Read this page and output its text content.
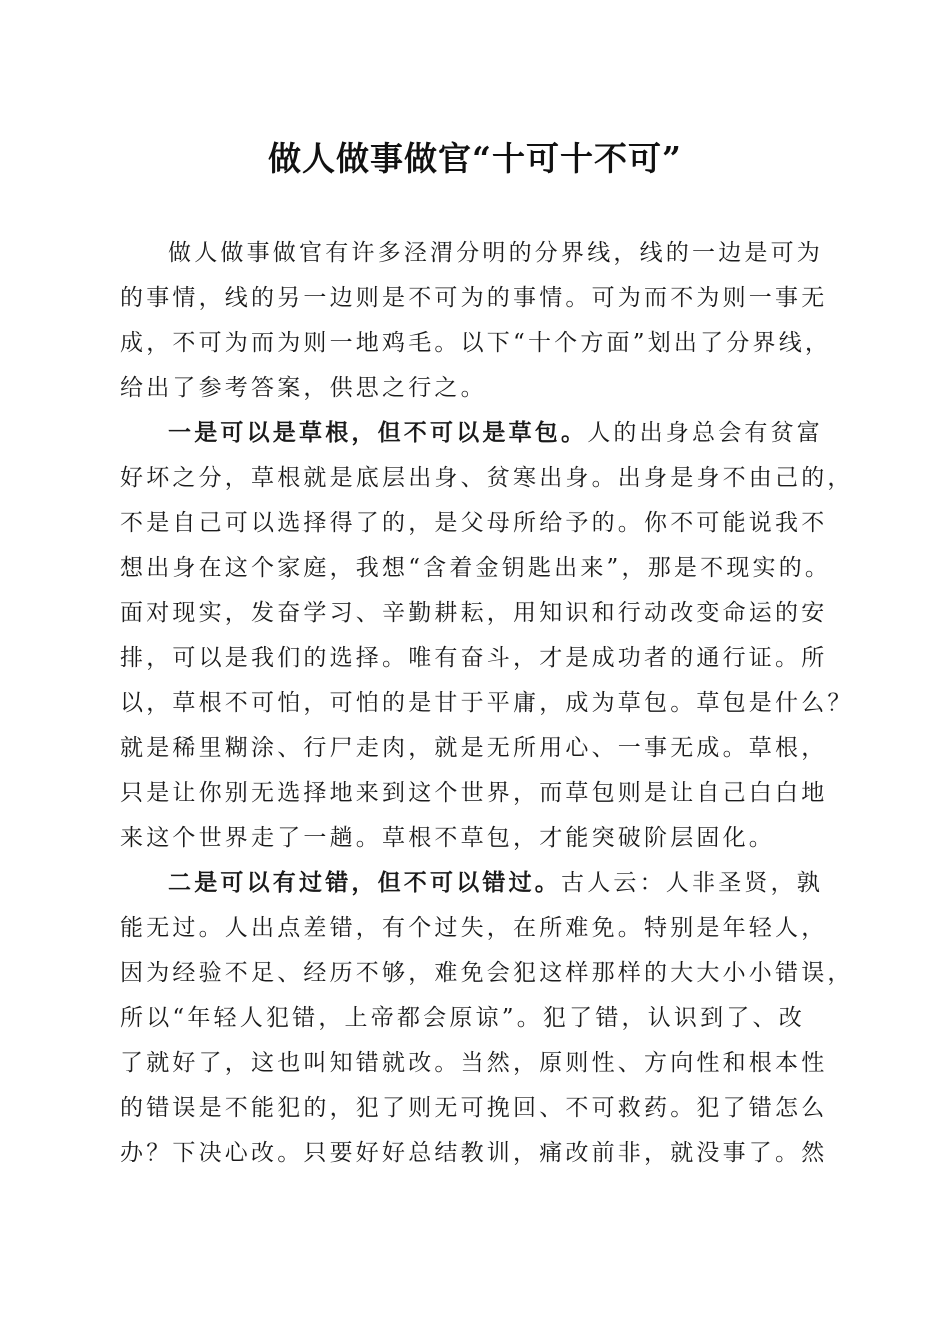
做人做事做官“十可十不可”
做人做事做官有许多泾渭分明的分界线，线的一边是可为
的事情，线的另一边则是不可为的事情。可为而不为则一事无
成，不可为而为则一地鸡毛。以下“十个方面”划出了分界线，
给出了参考答案，供思之行之。
一是可以是草根，但不可以是草包。人的出身总会有贫富
好坏之分，草根就是底层出身、贫寒出身。出身是身不由己的，
不是自己可以选择得了的，是父母所给予的。你不可能说我不
想出身在这个家庭，我想“含着金钥匙出来”，那是不现实的。
面对现实，发奋学习、辛勤耕耘，用知识和行动改变命运的安
排，可以是我们的选择。唯有奋斗，才是成功者的通行证。所
以，草根不可怕，可怕的是甘于平庸，成为草包。草包是什么？
就是稀里糊涂、行尸走肉，就是无所用心、一事无成。草根，
只是让你别无选择地来到这个世界，而草包则是让自己白白地
来这个世界走了一趟。草根不草包，才能突破阶层固化。
二是可以有过错，但不可以错过。古人云：人非圣贤，孰
能无过。人出点差错，有个过失，在所难免。特别是年轻人，
因为经验不足、经历不够，难免会犯这样那样的大大小小错误，
所以“年轻人犯错，上帝都会原谅”。犯了错，认识到了、改
了就好了，这也叫知错就改。当然，原则性、方向性和根本性
的错误是不能犯的，犯了则无可挽回、不可救药。犯了错怎么
办？下决心改。只要好好总结教训，痛改前非，就没事了。然
